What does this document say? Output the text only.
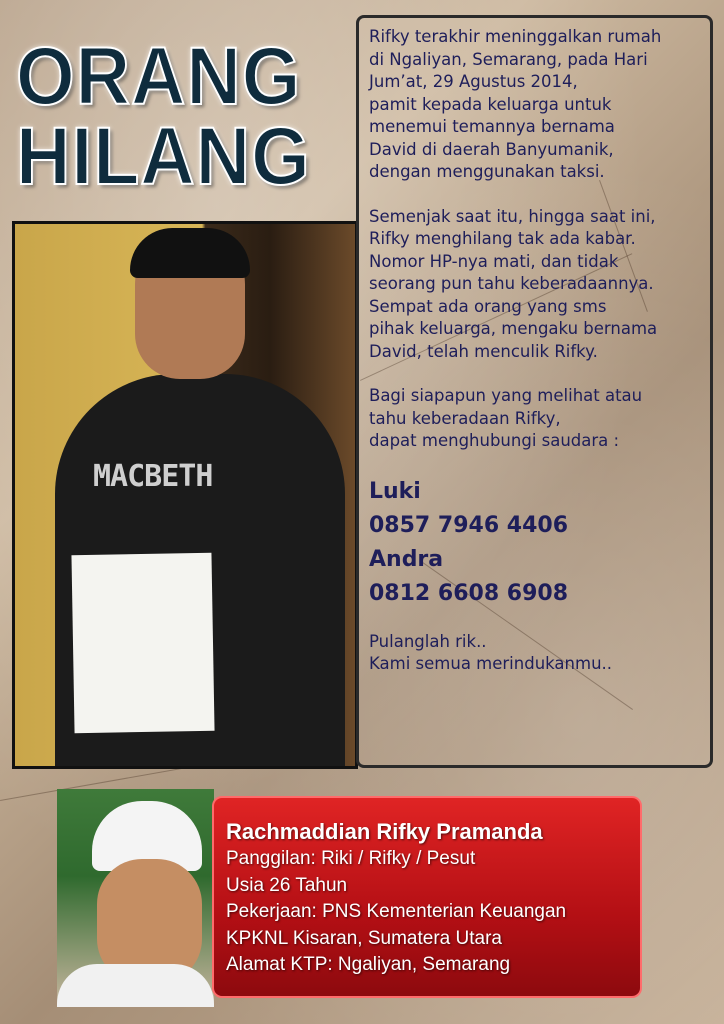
ORANG
HILANG
MACBETH

Rifky terakhir meninggalkan rumah
di Ngaliyan, Semarang, pada Hari
Jum’at, 29 Agustus 2014,
pamit kepada keluarga untuk
menemui temannya bernama
David di daerah Banyumanik,
dengan menggunakan taksi.

Semenjak saat itu, hingga saat ini,
Rifky menghilang tak ada kabar.
Nomor HP-nya mati, dan tidak
seorang pun tahu keberadaannya.
Sempat ada orang yang sms
pihak keluarga, mengaku bernama
David, telah menculik Rifky.

Bagi siapapun yang melihat atau
tahu keberadaan Rifky,
dapat menghubungi saudara :

Luki
0857 7946 4406
Andra
0812 6608 6908

Pulanglah rik..
Kami semua merindukanmu..

Rachmaddian Rifky Pramanda
Panggilan: Riki / Rifky / Pesut
Usia 26 Tahun
Pekerjaan: PNS Kementerian Keuangan
KPKNL Kisaran, Sumatera Utara
Alamat KTP: Ngaliyan, Semarang
